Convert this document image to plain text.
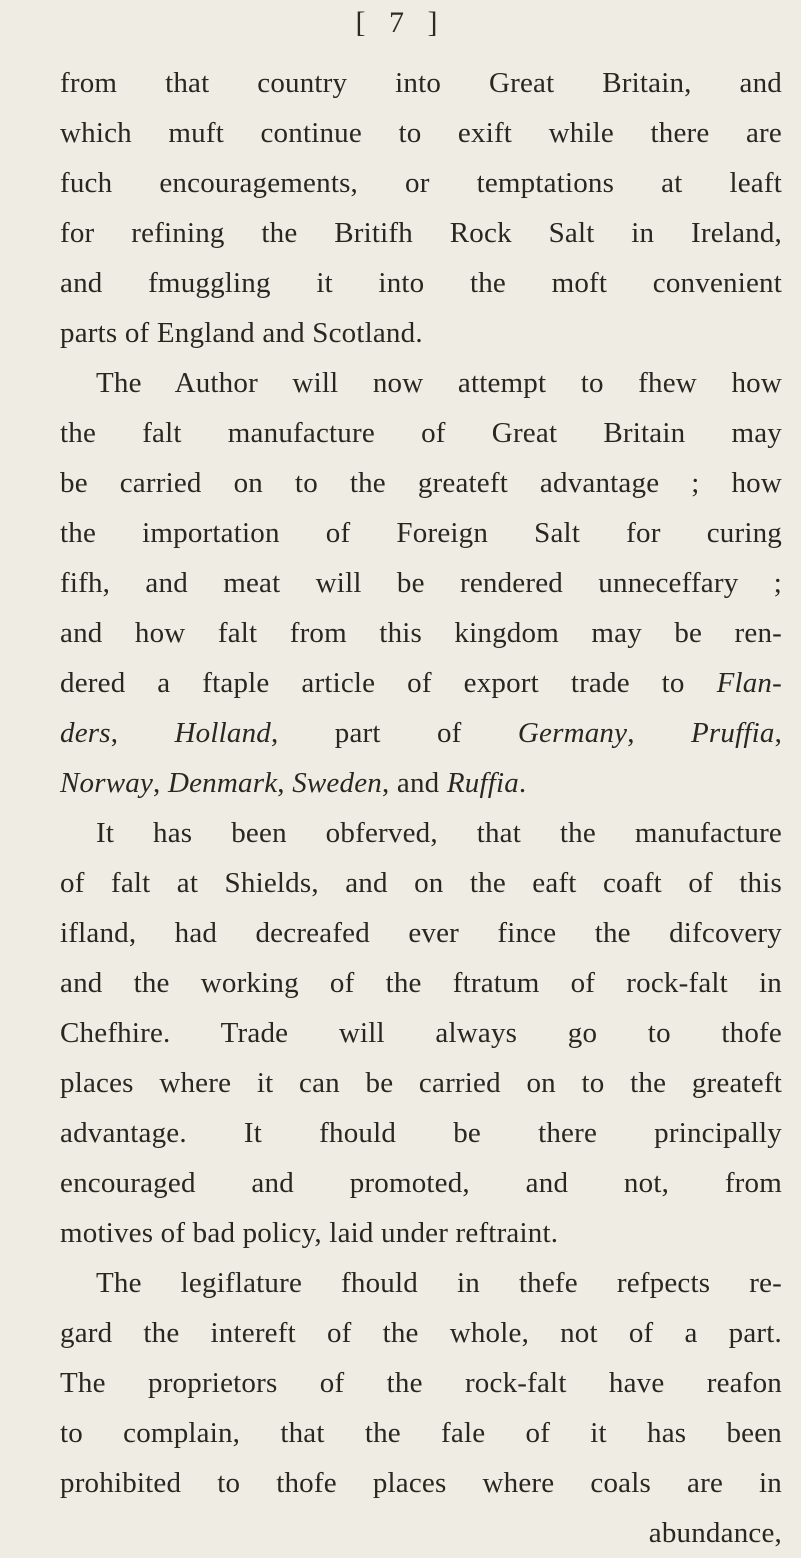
[ 7 ]
from that country into Great Britain, and
which muft continue to exift while there are
fuch encouragements, or temptations at leaft
for refining the Britifh Rock Salt in Ireland,
and fmuggling it into the moft convenient
parts of England and Scotland.
The Author will now attempt to fhew how
the falt manufacture of Great Britain may
be carried on to the greateft advantage ; how
the importation of Foreign Salt for curing
fifh, and meat will be rendered unneceffary ;
and how falt from this kingdom may be ren-
dered a ftaple article of export trade to Flan-
ders, Holland, part of Germany, Pruffia,
Norway, Denmark, Sweden, and Ruffia.
It has been obferved, that the manufacture
of falt at Shields, and on the eaft coaft of this
ifland, had decreafed ever fince the difcovery
and the working of the ftratum of rock-falt in
Chefhire. Trade will always go to thofe
places where it can be carried on to the greateft
advantage. It fhould be there principally
encouraged and promoted, and not, from
motives of bad policy, laid under reftraint.
The legiflature fhould in thefe refpects re-
gard the intereft of the whole, not of a part.
The proprietors of the rock-falt have reafon
to complain, that the fale of it has been
prohibited to thofe places where coals are in
abundance,
